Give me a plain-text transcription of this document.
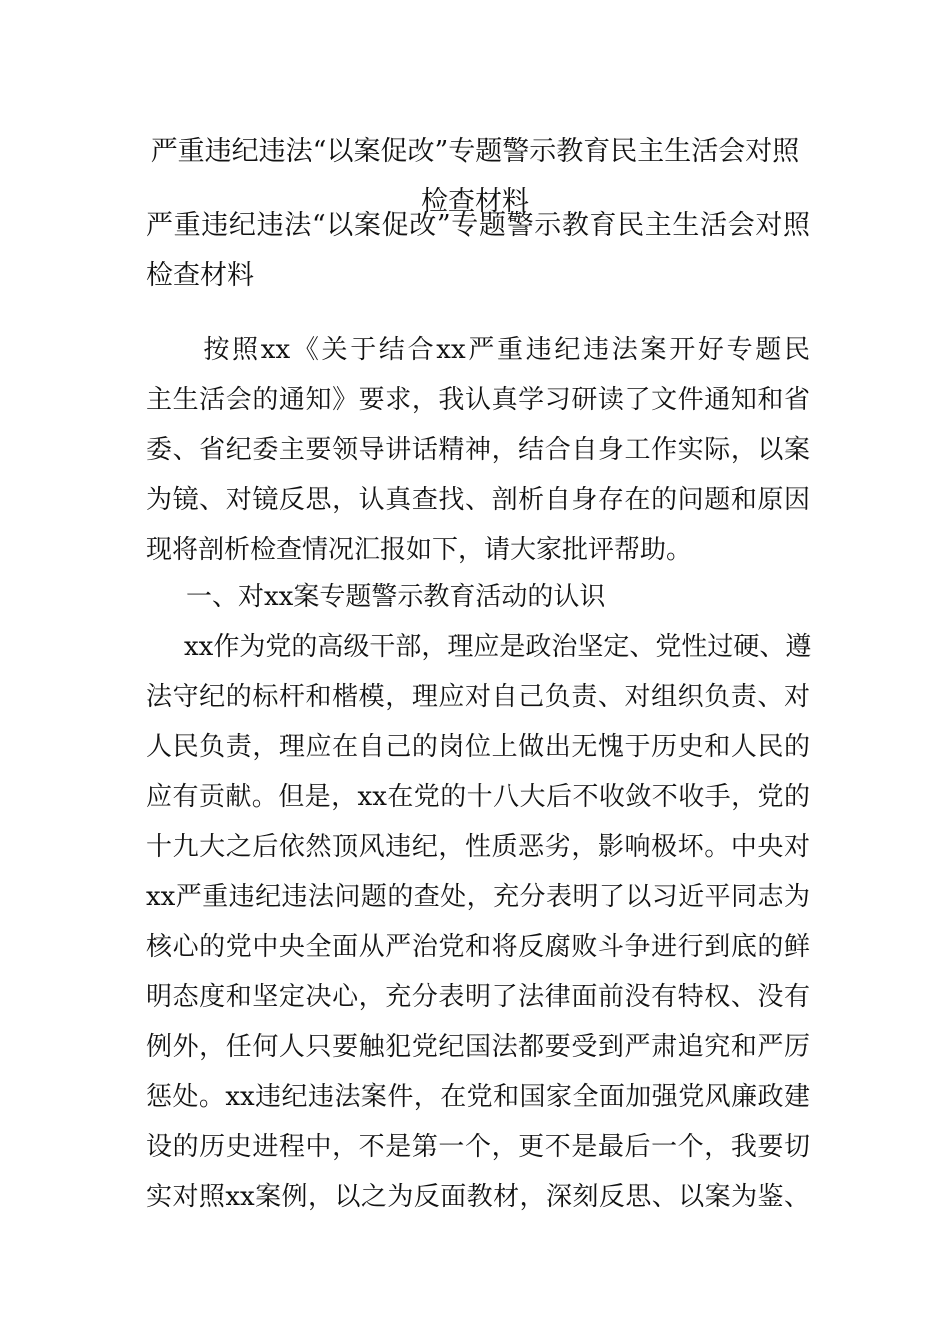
严重违纪违法“以案促改”专题警示教育民主生活会对照
检查材料
严重违纪违法“以案促改”专题警示教育民主生活会对照
检查材料
　　按照xx《关于结合xx严重违纪违法案开好专题民
主生活会的通知》要求，我认真学习研读了文件通知和省
委、省纪委主要领导讲话精神，结合自身工作实际，以案
为镜、对镜反思，认真查找、剖析自身存在的问题和原因
现将剖析检查情况汇报如下，请大家批评帮助。
一、对xx案专题警示教育活动的认识
xx作为党的高级干部，理应是政治坚定、党性过硬、遵
法守纪的标杆和楷模，理应对自己负责、对组织负责、对
人民负责，理应在自己的岗位上做出无愧于历史和人民的
应有贡献。但是，xx在党的十八大后不收敛不收手，党的
十九大之后依然顶风违纪，性质恶劣，影响极坏。中央对
xx严重违纪违法问题的查处，充分表明了以习近平同志为
核心的党中央全面从严治党和将反腐败斗争进行到底的鲜
明态度和坚定决心，充分表明了法律面前没有特权、没有
例外，任何人只要触犯党纪国法都要受到严肃追究和严厉
惩处。xx违纪违法案件，在党和国家全面加强党风廉政建
设的历史进程中，不是第一个，更不是最后一个，我要切
实对照xx案例，以之为反面教材，深刻反思、以案为鉴、
